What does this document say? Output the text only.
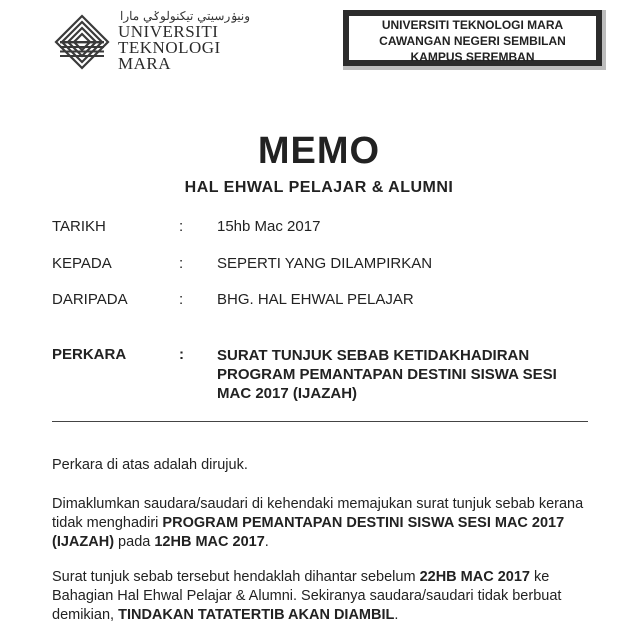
ونيۏرسيتي تيكنولوݢي مارا
UNIVERSITI
TEKNOLOGI
MARA
UNIVERSITI TEKNOLOGI MARA
CAWANGAN NEGERI SEMBILAN
KAMPUS SEREMBAN
MEMO
HAL EHWAL PELAJAR & ALUMNI
TARIKH	: 15hb Mac 2017
KEPADA	: SEPERTI YANG DILAMPIRKAN
DARIPADA	: BHG. HAL EHWAL PELAJAR
PERKARA	: SURAT TUNJUK SEBAB KETIDAKHADIRAN
PROGRAM PEMANTAPAN DESTINI SISWA SESI
MAC 2017 (IJAZAH)
Perkara di atas adalah dirujuk.
Dimaklumkan saudara/saudari di kehendaki memajukan surat tunjuk sebab kerana tidak menghadiri PROGRAM PEMANTAPAN DESTINI SISWA SESI MAC 2017 (IJAZAH) pada 12HB MAC 2017.
Surat tunjuk sebab tersebut hendaklah dihantar sebelum 22HB MAC 2017 ke Bahagian Hal Ehwal Pelajar & Alumni. Sekiranya saudara/saudari tidak berbuat demikian, TINDAKAN TATATERTIB AKAN DIAMBIL.
